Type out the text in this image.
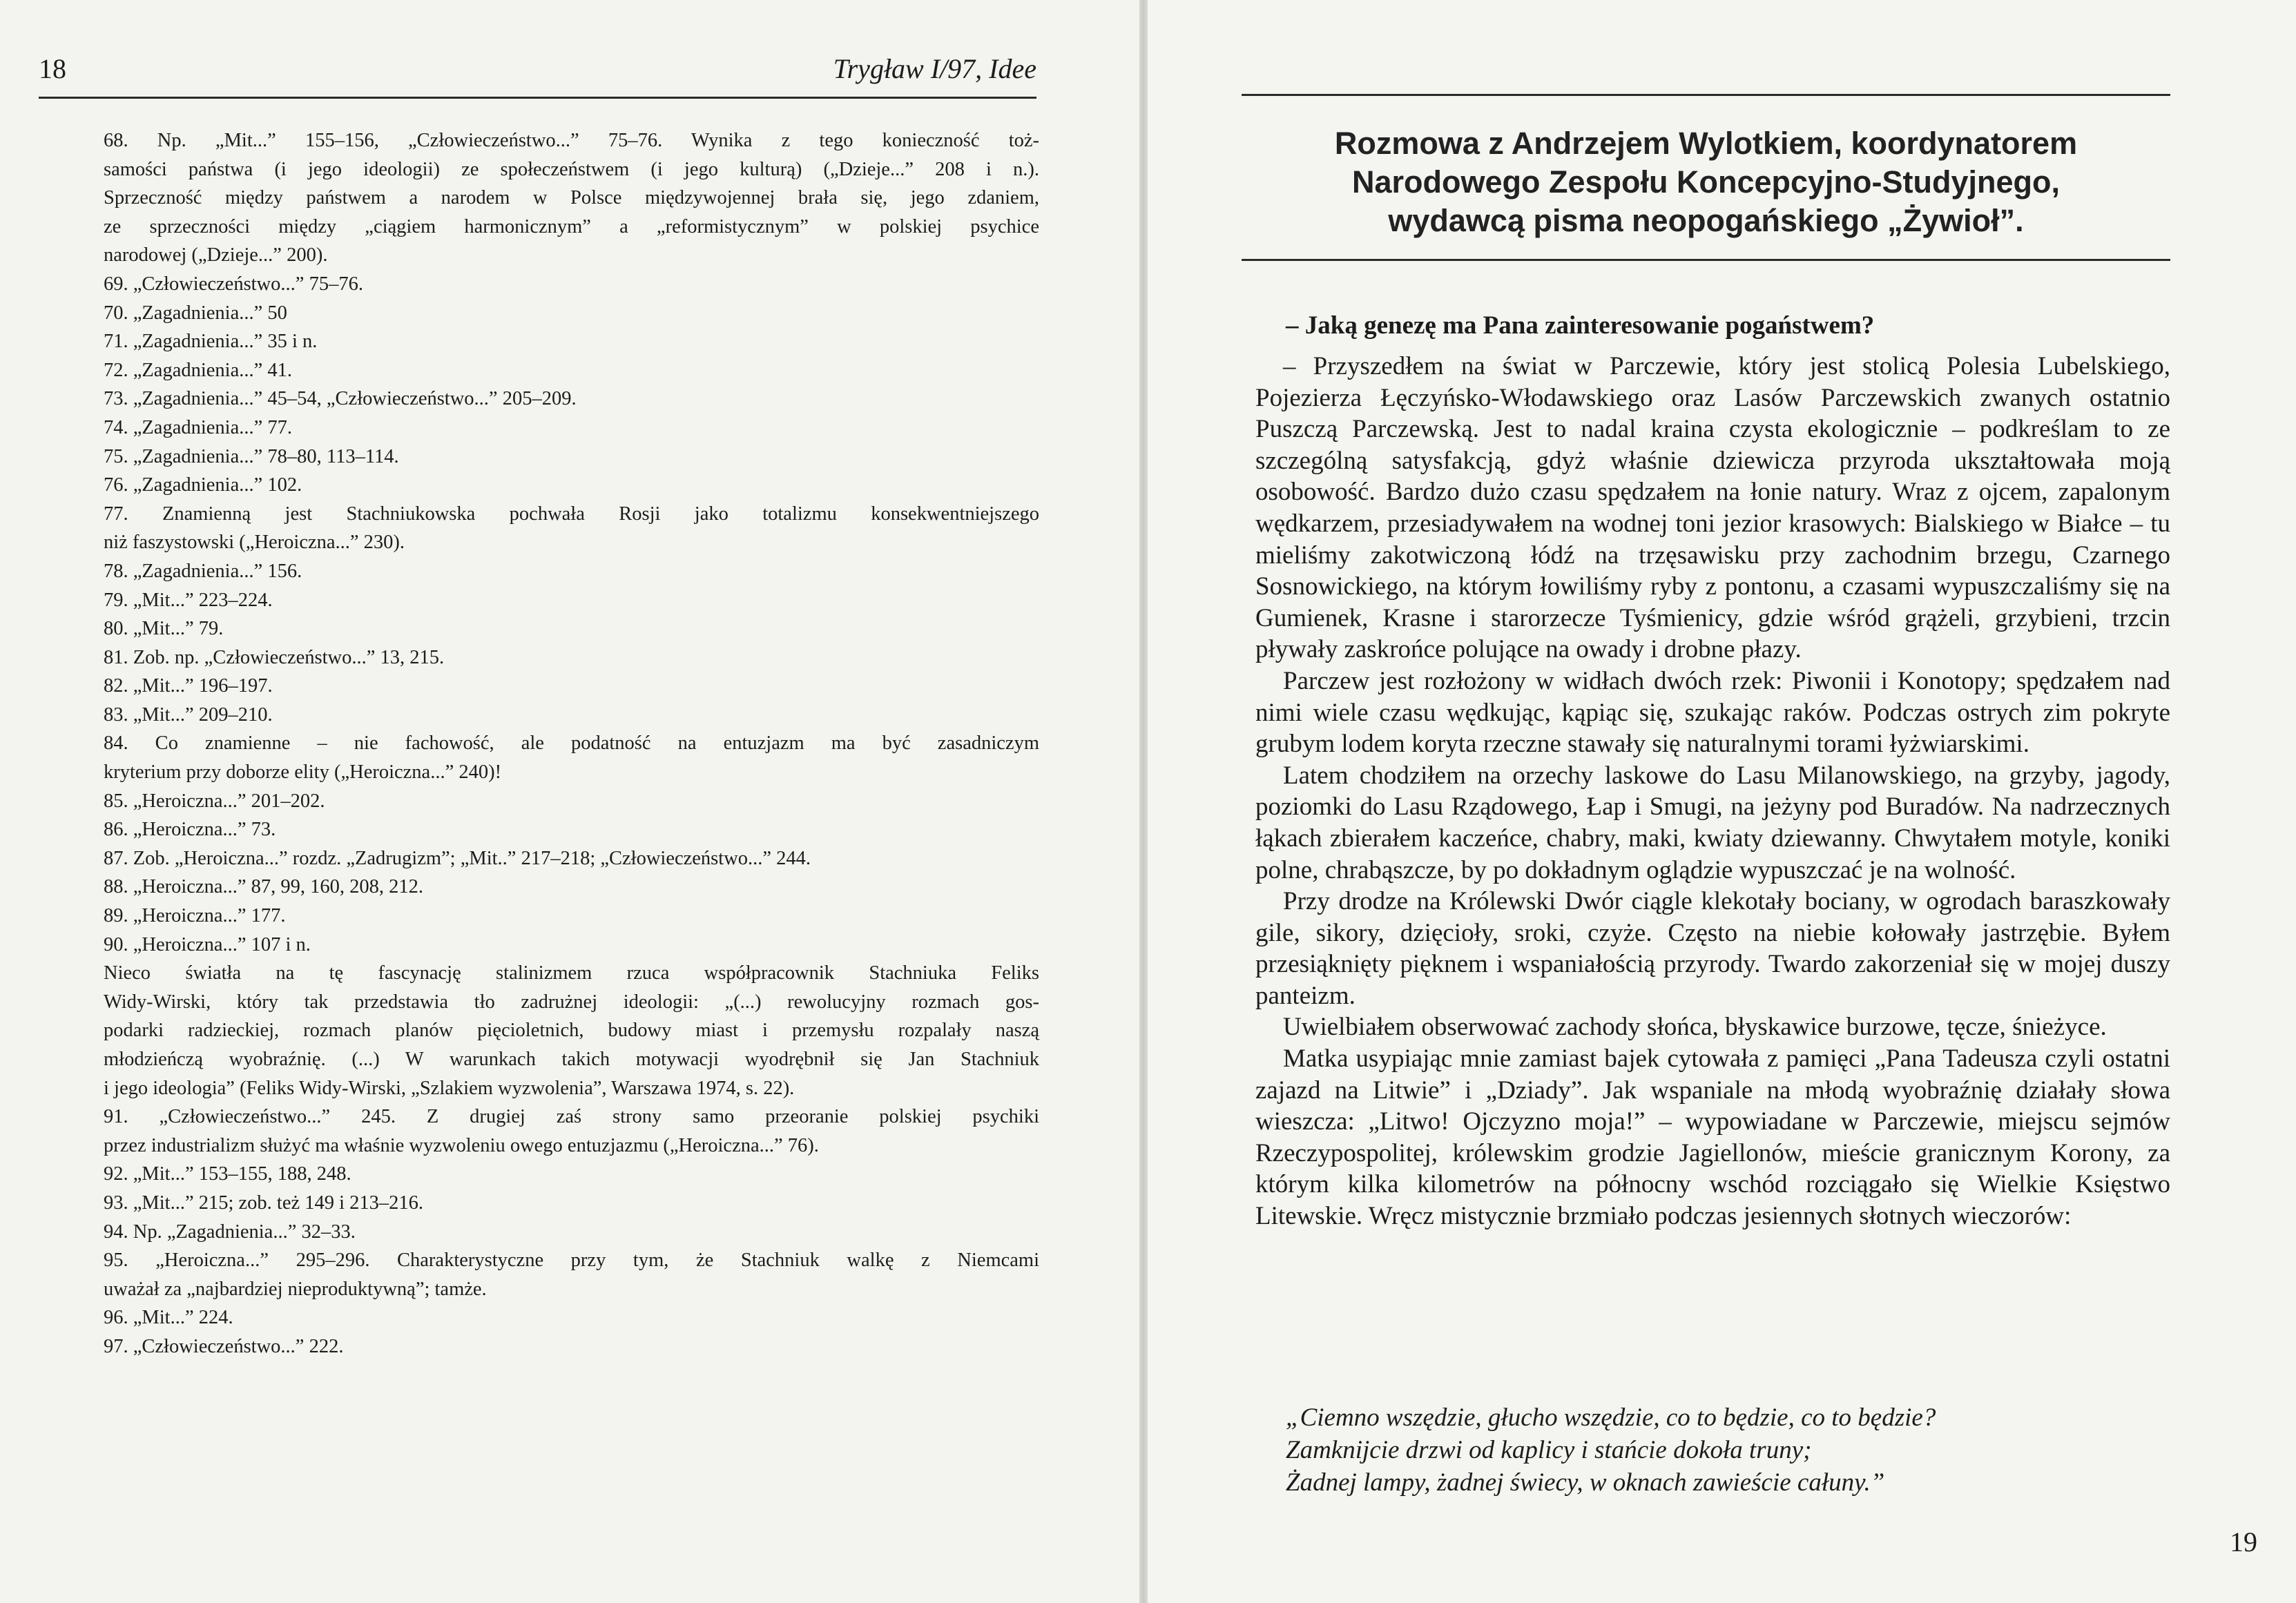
18	Trygław I/97, Idee
68. Np. „Mit...” 155–156, „Człowieczeństwo...” 75–76. Wynika z tego konieczność toż-
samości państwa (i jego ideologii) ze społeczeństwem (i jego kulturą) („Dzieje...” 208 i n.).
Sprzeczność między państwem a narodem w Polsce międzywojennej brała się, jego zdaniem,
ze sprzeczności między „ciągiem harmonicznym” a „reformistycznym” w polskiej psychice
narodowej („Dzieje...” 200).
69. „Człowieczeństwo...” 75–76.
70. „Zagadnienia...” 50
71. „Zagadnienia...” 35 i n.
72. „Zagadnienia...” 41.
73. „Zagadnienia...” 45–54, „Człowieczeństwo...” 205–209.
74. „Zagadnienia...” 77.
75. „Zagadnienia...” 78–80, 113–114.
76. „Zagadnienia...” 102.
77. Znamienną jest Stachniukowska pochwała Rosji jako totalizmu konsekwentniejszego
niż faszystowski („Heroiczna...” 230).
78. „Zagadnienia...” 156.
79. „Mit...” 223–224.
80. „Mit...” 79.
81. Zob. np. „Człowieczeństwo...” 13, 215.
82. „Mit...” 196–197.
83. „Mit...” 209–210.
84. Co znamienne – nie fachowość, ale podatność na entuzjazm ma być zasadniczym
kryterium przy doborze elity („Heroiczna...” 240)!
85. „Heroiczna...” 201–202.
86. „Heroiczna...” 73.
87. Zob. „Heroiczna...” rozdz. „Zadrugizm”; „Mit..” 217–218; „Człowieczeństwo...” 244.
88. „Heroiczna...” 87, 99, 160, 208, 212.
89. „Heroiczna...” 177.
90. „Heroiczna...” 107 i n.
Nieco światła na tę fascynację stalinizmem rzuca współpracownik Stachniuka Feliks
Widy-Wirski, który tak przedstawia tło zadrużnej ideologii: „(...) rewolucyjny rozmach gos-
podarki radzieckiej, rozmach planów pięcioletnich, budowy miast i przemysłu rozpalały naszą
młodzieńczą wyobraźnię. (...) W warunkach takich motywacji wyodrębnił się Jan Stachniuk
i jego ideologia” (Feliks Widy-Wirski, „Szlakiem wyzwolenia”, Warszawa 1974, s. 22).
91. „Człowieczeństwo...” 245. Z drugiej zaś strony samo przeoranie polskiej psychiki
przez industrializm służyć ma właśnie wyzwoleniu owego entuzjazmu („Heroiczna...” 76).
92. „Mit...” 153–155, 188, 248.
93. „Mit...” 215; zob. też 149 i 213–216.
94. Np. „Zagadnienia...” 32–33.
95. „Heroiczna...” 295–296. Charakterystyczne przy tym, że Stachniuk walkę z Niemcami
uważał za „najbardziej nieproduktywną”; tamże.
96. „Mit...” 224.
97. „Człowieczeństwo...” 222.
Rozmowa z Andrzejem Wylotkiem, koordynatorem
Narodowego Zespołu Koncepcyjno-Studyjnego,
wydawcą pisma neopogańskiego „Żywioł”.
– Jaką genezę ma Pana zainteresowanie pogaństwem?

– Przyszedłem na świat w Parczewie, który jest stolicą Polesia Lubelskiego, Pojezierza Łęczyńsko-Włodawskiego oraz Lasów Parczewskich zwanych ostatnio Puszczą Parczewską. Jest to nadal kraina czysta ekologicznie – podkreślam to ze szczególną satysfakcją, gdyż właśnie dziewicza przyroda ukształtowała moją osobowość. Bardzo dużo czasu spędzałem na łonie natury. Wraz z ojcem, zapalonym wędkarzem, przesiadywałem na wodnej toni jezior krasowych: Bialskiego w Białce – tu mieliśmy zakotwiczoną łódź na trzęsawisku przy zachodnim brzegu, Czarnego Sosnowickiego, na którym łowiliśmy ryby z pontonu, a czasami wypuszczaliśmy się na Gumienek, Krasne i starorzecze Tyśmienicy, gdzie wśród grążeli, grzybieni, trzcin pływały zaskrońce polujące na owady i drobne płazy.

Parczew jest rozłożony w widłach dwóch rzek: Piwonii i Konotopy; spędzałem nad nimi wiele czasu wędkując, kąpiąc się, szukając raków. Podczas ostrych zim pokryte grubym lodem koryta rzeczne stawały się naturalnymi torami łyżwiarskimi.

Latem chodziłem na orzechy laskowe do Lasu Milanowskiego, na grzyby, jagody, poziomki do Lasu Rządowego, Łap i Smugi, na jeżyny pod Buradów. Na nadrzecznych łąkach zbierałem kaczeńce, chabry, maki, kwiaty dziewanny. Chwytałem motyle, koniki polne, chrabąszcze, by po dokładnym oglądzie wypuszczać je na wolność.

Przy drodze na Królewski Dwór ciągle klekotały bociany, w ogrodach baraszkowały gile, sikory, dzięcioły, sroki, czyże. Często na niebie kołowały jastrzębie. Byłem przesiąknięty pięknem i wspaniałością przyrody. Twardo zakorzeniał się w mojej duszy panteizm.

Uwielbiałem obserwować zachody słońca, błyskawice burzowe, tęcze, śnieżyce.

Matka usypiając mnie zamiast bajek cytowała z pamięci „Pana Tadeusza czyli ostatni zajazd na Litwie” i „Dziady”. Jak wspaniale na młodą wyobraźnię działały słowa wieszcza: „Litwo! Ojczyzno moja!” – wypowiadane w Parczewie, miejscu sejmów Rzeczypospolitej, królewskim grodzie Jagiellonów, mieście granicznym Korony, za którym kilka kilometrów na północny wschód rozciągało się Wielkie Księstwo Litewskie. Wręcz mistycznie brzmiało podczas jesiennych słotnych wieczorów:

„Ciemno wszędzie, głucho wszędzie, co to będzie, co to będzie?
Zamknijcie drzwi od kaplicy i stańcie dokoła truny;
Żadnej lampy, żadnej świecy, w oknach zawieście całuny.”
19
